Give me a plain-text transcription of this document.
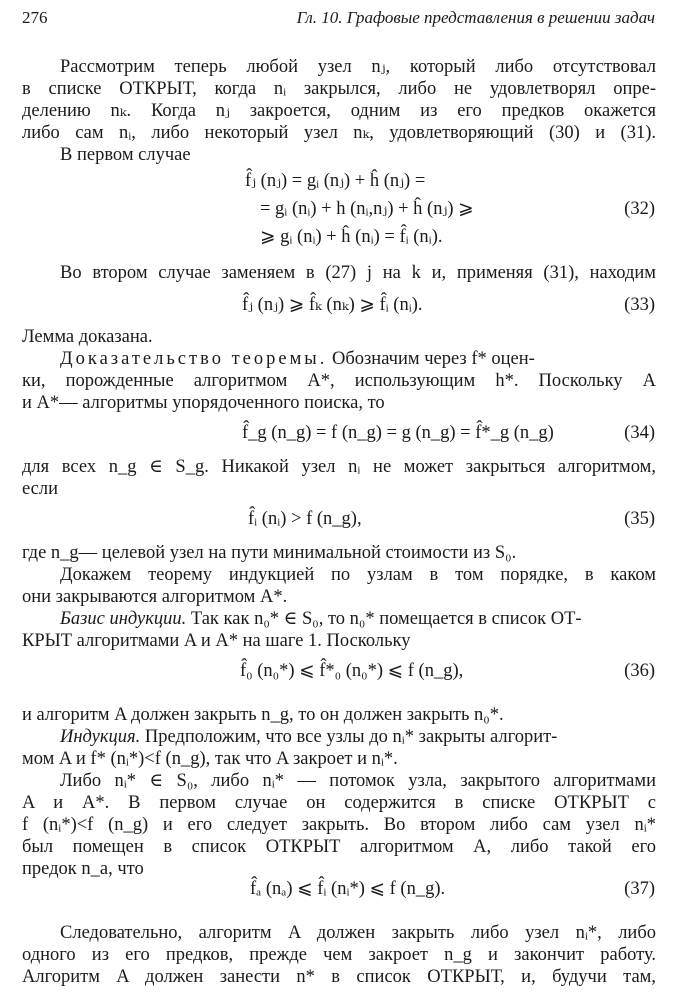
276	Гл. 10. Графовые представления в решении задач
Рассмотрим теперь любой узел nⱼ, который либо отсутствовал
в списке ОТКРЫТ, когда nᵢ закрылся, либо не удовлетворял опре-
делению nₖ. Когда nⱼ закроется, одним из его предков окажется
либо сам nᵢ, либо некоторый узел nₖ, удовлетворяющий (30) и (31).
В первом случае
f̂ⱼ (nⱼ) = gᵢ (nⱼ) + ĥ (nⱼ) =
= gᵢ (nᵢ) + h (nᵢ,nⱼ) + ĥ (nⱼ) ⩾
⩾ gᵢ (nᵢ) + ĥ (nᵢ) = f̂ᵢ (nᵢ).
(32)
Во втором случае заменяем в (27) j на k и, применяя (31), находим
f̂ⱼ (nⱼ) ⩾ f̂ₖ (nₖ) ⩾ f̂ᵢ (nᵢ).	(33)
Лемма доказана.
Доказательство теоремы. Обозначим через f* оцен-
ки, порожденные алгоритмом A*, использующим h*. Поскольку A
и A*— алгоритмы упорядоченного поиска, то
f̂_g (n_g) = f (n_g) = g (n_g) = f̂*_g (n_g)	(34)
для всех n_g ∈ S_g. Никакой узел nᵢ не может закрыться алгоритмом,
если
f̂ᵢ (nᵢ) > f (n_g),	(35)
где n_g— целевой узел на пути минимальной стоимости из S₀.
Докажем теорему индукцией по узлам в том порядке, в каком
они закрываются алгоритмом A*.
Базис индукции. Так как n₀* ∈ S₀, то n₀* помещается в список ОТ-
КРЫТ алгоритмами A и A* на шаге 1. Поскольку
f̂₀ (n₀*) ⩽ f̂*₀ (n₀*) ⩽ f (n_g),	(36)
и алгоритм A должен закрыть n_g, то он должен закрыть n₀*.
Индукция. Предположим, что все узлы до nᵢ* закрыты алгорит-
мом A и f* (nᵢ*)<f (n_g), так что A закроет и nᵢ*.
Либо nᵢ* ∈ S₀, либо nᵢ* — потомок узла, закрытого алгоритмами
A и A*. В первом случае он содержится в списке ОТКРЫТ с
f (nᵢ*)<f (n_g) и его следует закрыть. Во втором либо сам узел nᵢ*
был помещен в список ОТКРЫТ алгоритмом A, либо такой его
предок n_a, что
f̂ₐ (nₐ) ⩽ f̂ᵢ (nᵢ*) ⩽ f (n_g).	(37)
Следовательно, алгоритм A должен закрыть либо узел nᵢ*, либо
одного из его предков, прежде чем закроет n_g и закончит работу.
Алгоритм A должен занести n* в список ОТКРЫТ, и, будучи там,
